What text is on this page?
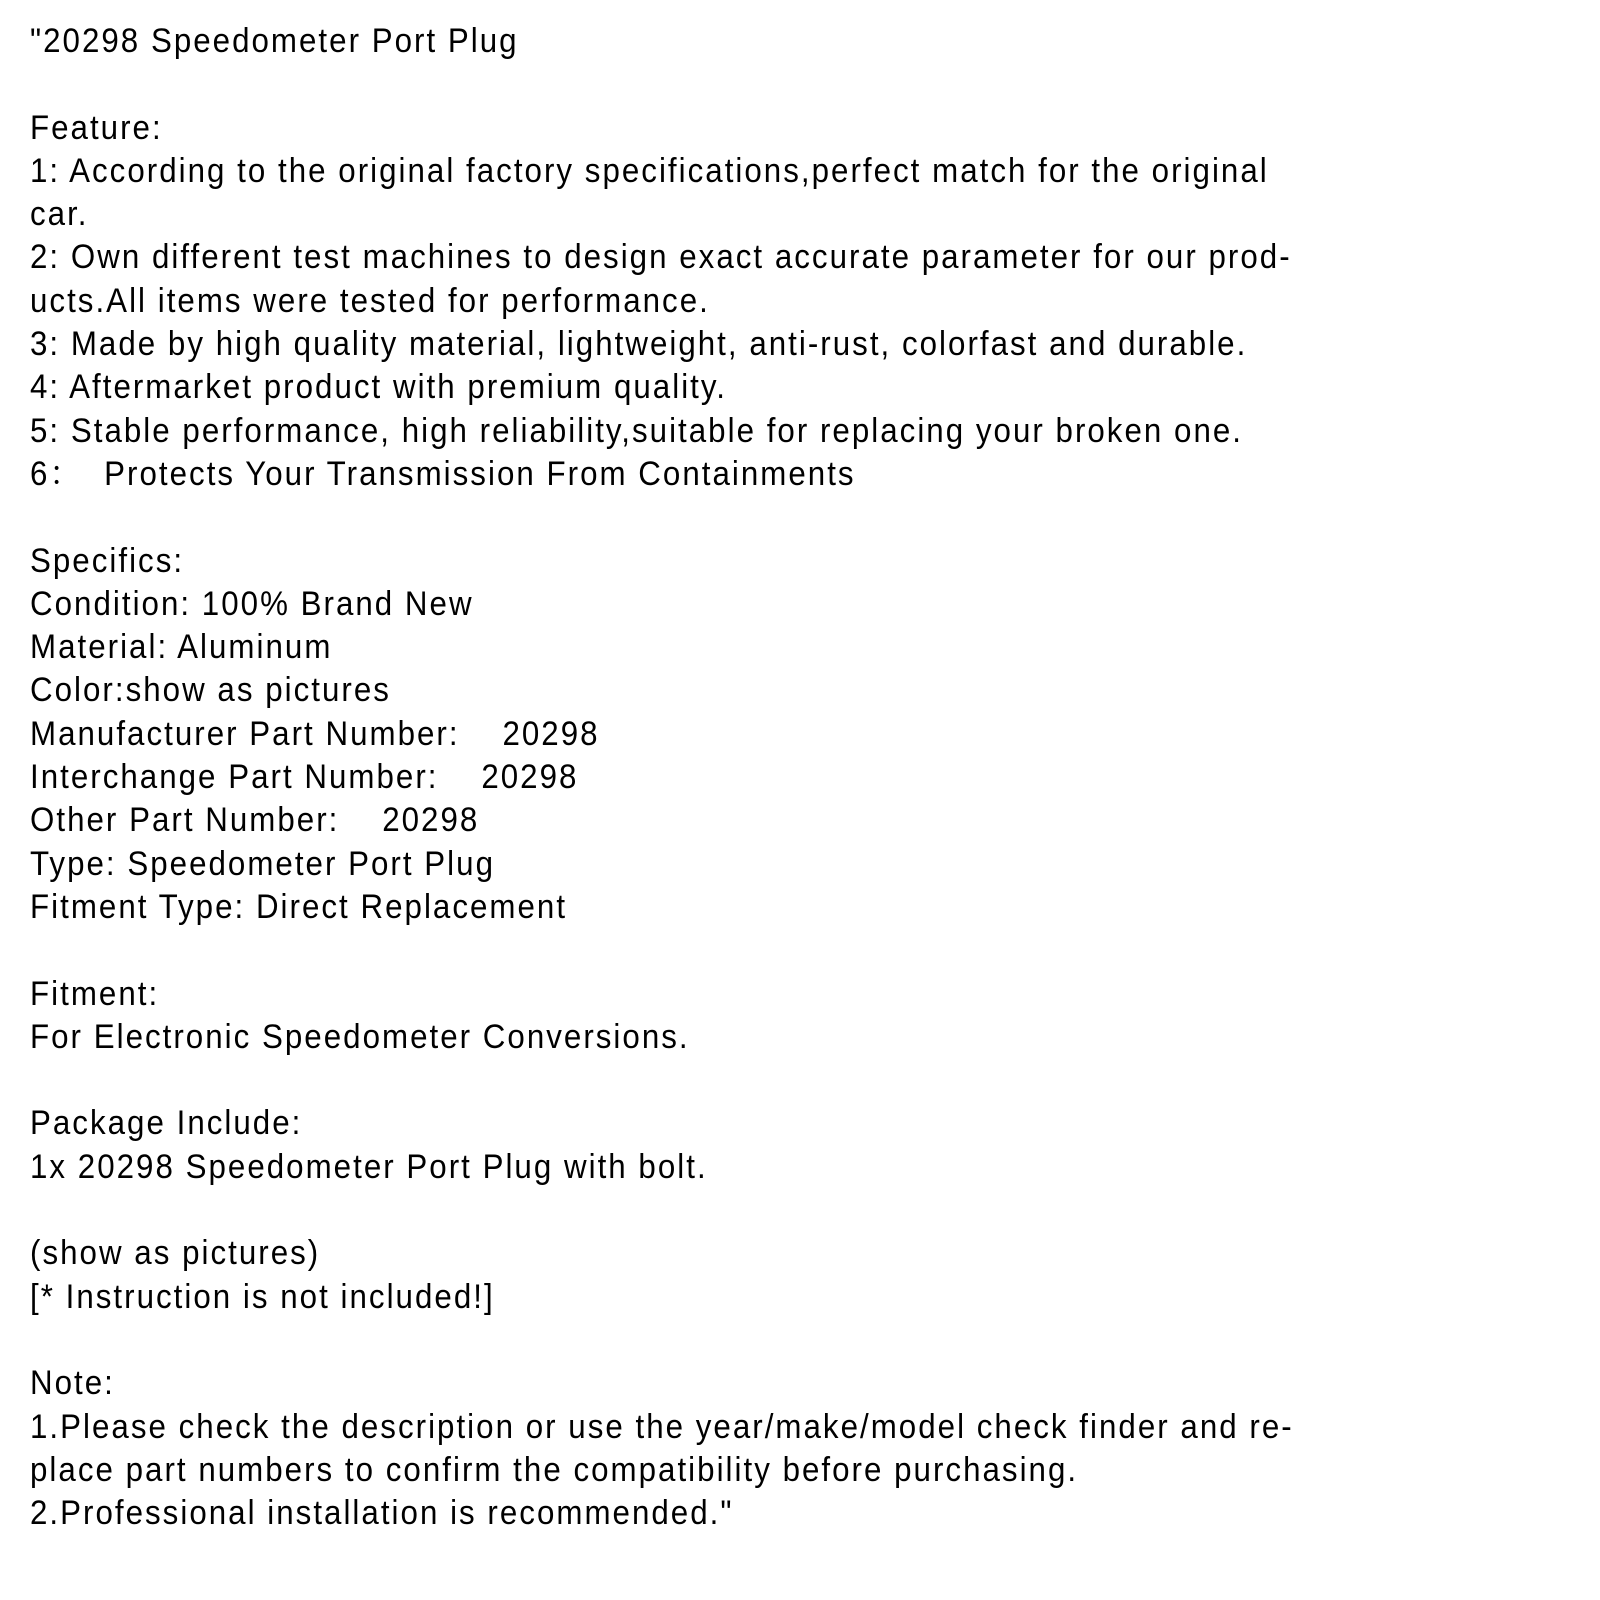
"20298 Speedometer Port Plug
Feature:
1: According to the original factory specifications,perfect match for the original
car.
2: Own different test machines to design exact accurate parameter for our prod-
ucts.All items were tested for performance.
3: Made by high quality material, lightweight, anti-rust, colorfast and durable.
4: Aftermarket product with premium quality.
5: Stable performance, high reliability,suitable for replacing your broken one.
6：  Protects Your Transmission From Containments
Specifics:
Condition: 100% Brand New
Material: Aluminum
Color:show as pictures
Manufacturer Part Number:    20298
Interchange Part Number:    20298
Other Part Number:    20298
Type: Speedometer Port Plug
Fitment Type: Direct Replacement
Fitment:
For Electronic Speedometer Conversions.
Package Include:
1x 20298 Speedometer Port Plug with bolt.
(show as pictures)
[* Instruction is not included!]
Note:
1.Please check the description or use the year/make/model check finder and re-
place part numbers to confirm the compatibility before purchasing.
2.Professional installation is recommended."
